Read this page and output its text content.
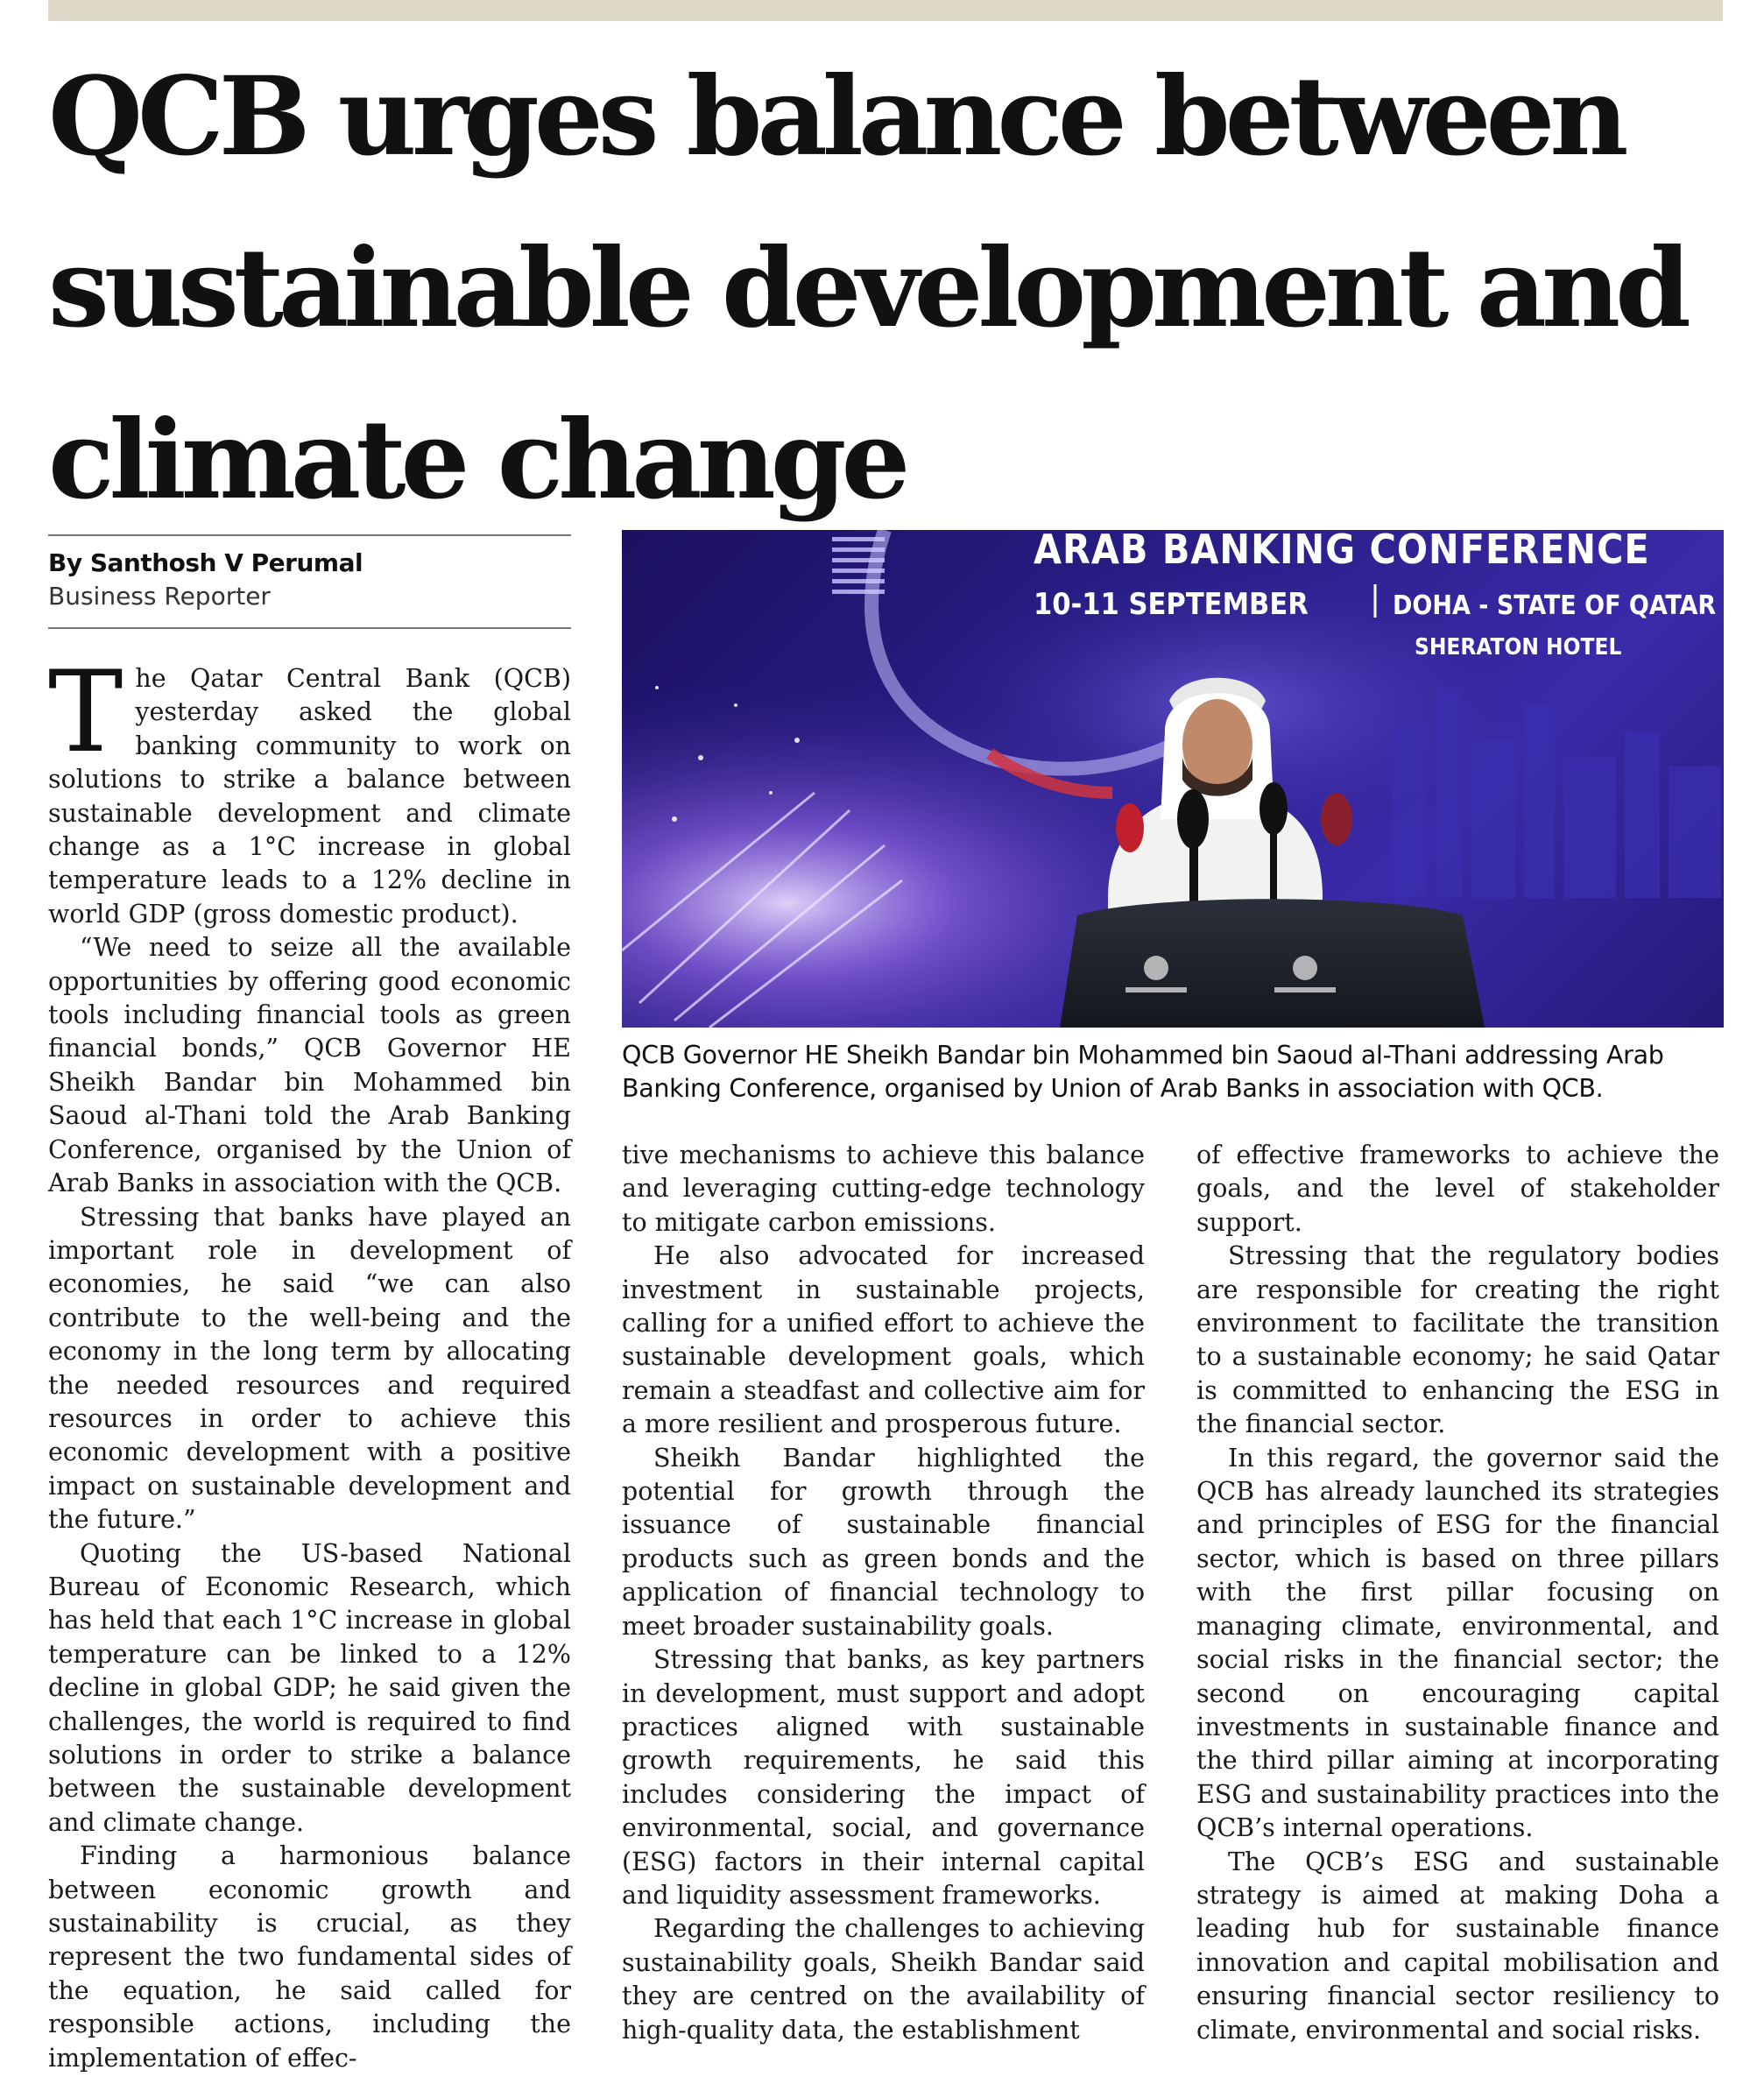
QCB urges balance between sustainable development and climate change
By Santhosh V Perumal
Business Reporter
ARAB BANKING CONFERENCE
10-11 SEPTEMBER	DOHA - STATE OF QATAR
SHERATON HOTEL

QCB Governor HE Sheikh Bandar bin Mohammed bin Saoud al-Thani addressing Arab Banking Conference, organised by Union of Arab Banks in association with QCB.

The Qatar Central Bank (QCB) yesterday asked the global banking community to work on solutions to strike a balance between sustainable development and climate change as a 1°C increase in global temperature leads to a 12% decline in world GDP (gross domestic product).

“We need to seize all the available opportunities by offering good economic tools including financial tools as green financial bonds,” QCB Governor HE Sheikh Bandar bin Mohammed bin Saoud al-Thani told the Arab Banking Conference, organised by the Union of Arab Banks in association with the QCB.

Stressing that banks have played an important role in development of economies, he said “we can also contribute to the well-being and the economy in the long term by allocating the needed resources and required resources in order to achieve this economic development with a positive impact on sustainable development and the future.”

Quoting the US-based National Bureau of Economic Research, which has held that each 1°C increase in global temperature can be linked to a 12% decline in global GDP; he said given the challenges, the world is required to find solutions in order to strike a balance between the sustainable development and climate change.

Finding a harmonious balance between economic growth and sustainability is crucial, as they represent the two fundamental sides of the equation, he said called for responsible actions, including the implementation of effec-

tive mechanisms to achieve this balance and leveraging cutting-edge technology to mitigate carbon emissions.

He also advocated for increased investment in sustainable projects, calling for a unified effort to achieve the sustainable development goals, which remain a steadfast and collective aim for a more resilient and prosperous future.

Sheikh Bandar highlighted the potential for growth through the issuance of sustainable financial products such as green bonds and the application of financial technology to meet broader sustainability goals.

Stressing that banks, as key partners in development, must support and adopt practices aligned with sustainable growth requirements, he said this includes considering the impact of environmental, social, and governance (ESG) factors in their internal capital and liquidity assessment frameworks.

Regarding the challenges to achieving sustainability goals, Sheikh Bandar said they are centred on the availability of high-quality data, the establishment

of effective frameworks to achieve the goals, and the level of stakeholder support.

Stressing that the regulatory bodies are responsible for creating the right environment to facilitate the transition to a sustainable economy; he said Qatar is committed to enhancing the ESG in the financial sector.

In this regard, the governor said the QCB has already launched its strategies and principles of ESG for the financial sector, which is based on three pillars with the first pillar focusing on managing climate, environmental, and social risks in the financial sector; the second on encouraging capital investments in sustainable finance and the third pillar aiming at incorporating ESG and sustainability practices into the QCB’s internal operations.

The QCB’s ESG and sustainable strategy is aimed at making Doha a leading hub for sustainable finance innovation and capital mobilisation and ensuring financial sector resiliency to climate, environmental and social risks.
